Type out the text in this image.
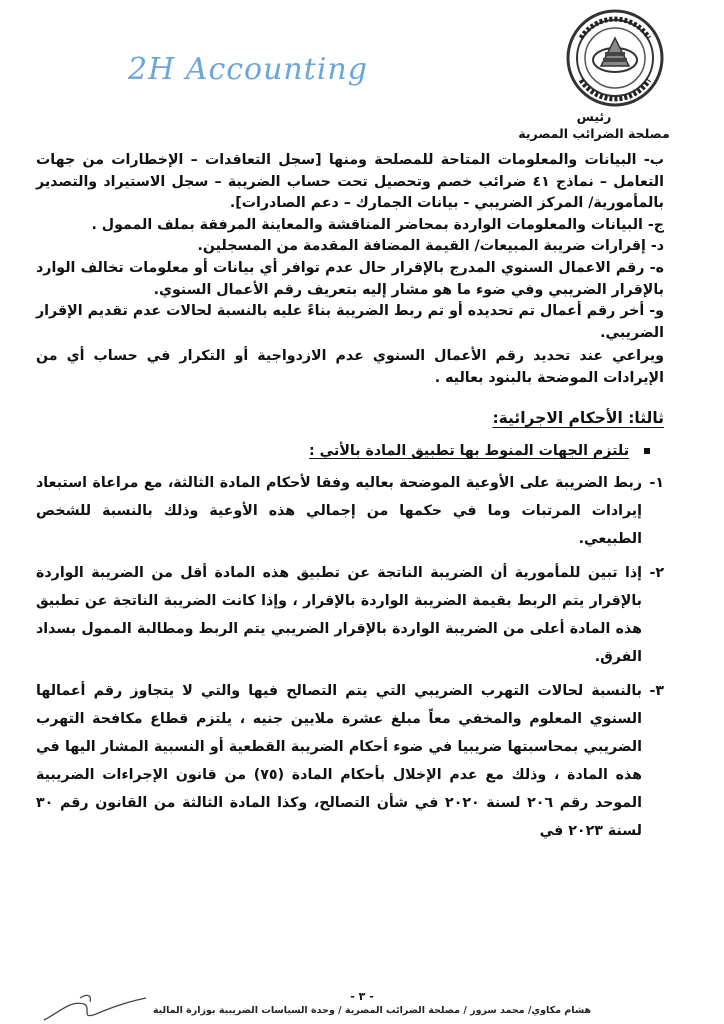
رئيس
مصلحة الضرائب المصرية
2H Accounting
ب- البيانات والمعلومات المتاحة للمصلحة ومنها [سجل التعاقدات – الإخطارات من جهات التعامل – نماذج ٤١ ضرائب خصم وتحصيل تحت حساب الضريبة – سجل الاستيراد والتصدير بالمأمورية/ المركز الضريبي - بيانات الجمارك – دعم الصادرات].
ج- البيانات والمعلومات الواردة بمحاضر المناقشة والمعاينة المرفقة بملف الممول .
د- إقرارات ضريبة المبيعات/ القيمة المضافة المقدمة من المسجلين.
ه- رقم الاعمال السنوي المدرج بالإقرار حال عدم توافر أي بيانات أو معلومات تخالف الوارد بالإقرار الضريبي وفي ضوء ما هو مشار إليه بتعريف رقم الأعمال السنوي.
و- أخر رقم أعمال تم تحديده أو تم ربط الضريبة بناءً عليه بالنسبة لحالات عدم تقديم الإقرار الضريبي.
ويراعي عند تحديد رقم الأعمال السنوي عدم الازدواجية أو التكرار في حساب أي من الإيرادات الموضحة بالبنود بعاليه .
ثالثا: الأحكام الاجرائية:
تلتزم الجهات المنوط بها تطبيق المادة بالأتي :
١-
ربط الضريبة على الأوعية الموضحة بعاليه وفقا لأحكام المادة الثالثة، مع مراعاة استبعاد إيرادات المرتبات وما في حكمها من إجمالي هذه الأوعية وذلك بالنسبة للشخص الطبيعي.
٢-
إذا تبين للمأمورية أن الضريبة الناتجة عن تطبيق هذه المادة أقل من الضريبة الواردة بالإقرار يتم الربط بقيمة الضريبة الواردة بالإقرار ، وإذا كانت الضريبة الناتجة عن تطبيق هذه المادة أعلى من الضريبة الواردة بالإقرار الضريبي يتم الربط ومطالبة الممول بسداد الفرق.
٣-
بالنسبة لحالات التهرب الضريبي التي يتم التصالح فيها والتي لا يتجاوز رقم أعمالها السنوي المعلوم والمخفي معاً مبلغ عشرة ملايين جنيه ، يلتزم قطاع مكافحة التهرب الضريبي بمحاسبتها ضريبيا في ضوء أحكام الضريبة القطعية أو النسبية المشار اليها في هذه المادة ، وذلك مع عدم الإخلال بأحكام المادة (٧٥) من قانون الإجراءات الضريبية الموحد رقم ٢٠٦ لسنة ٢٠٢٠ في شأن التصالح، وكذا المادة الثالثة من القانون رقم ٣٠ لسنة ٢٠٢٣ في
- ٣ -
هشام مكاوي/ محمد سرور / مصلحة الضرائب المصرية / وحدة السياسات الضريبية بوزارة المالية
